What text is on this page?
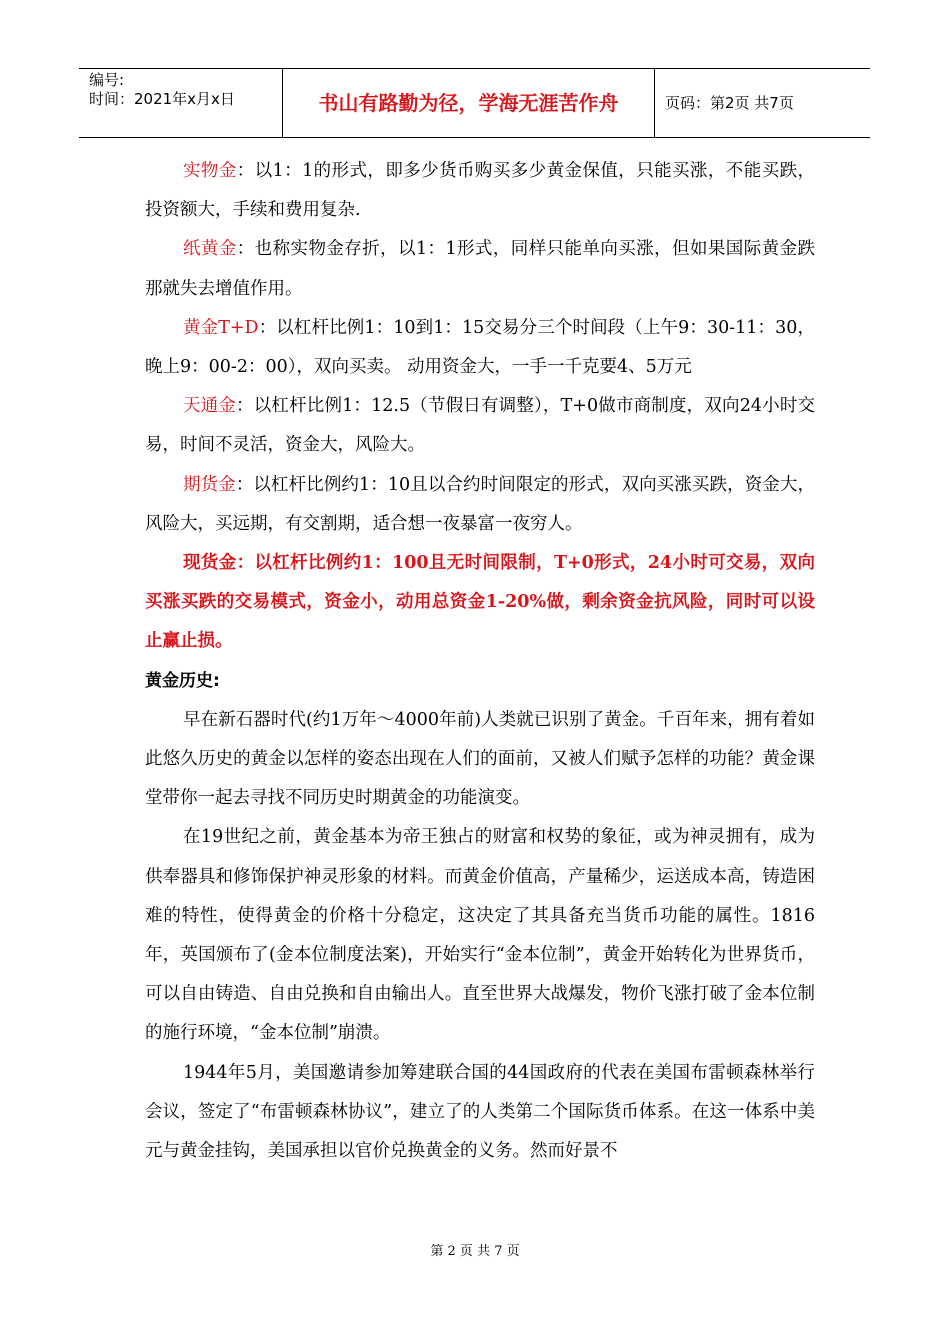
编号:
时间：2021年x月x日	书山有路勤为径，学海无涯苦作舟	页码：第2页 共7页

实物金：以1：1的形式，即多少货币购买多少黄金保值，只能买涨，不能买跌，投资额大，手续和费用复杂.

纸黄金：也称实物金存折，以1：1形式，同样只能单向买涨，但如果国际黄金跌那就失去增值作用。

黄金T+D：以杠杆比例1：10到1：15交易分三个时间段（上午9：30-11：30，晚上9：00-2：00），双向买卖。 动用资金大，一手一千克要4、5万元

天通金：以杠杆比例1：12.5（节假日有调整），T+0做市商制度，双向24小时交易，时间不灵活，资金大，风险大。

期货金：以杠杆比例约1：10且以合约时间限定的形式，双向买涨买跌，资金大，风险大，买远期，有交割期，适合想一夜暴富一夜穷人。

现货金：以杠杆比例约1：100且无时间限制，T+0形式，24小时可交易，双向买涨买跌的交易模式，资金小，动用总资金1-20%做，剩余资金抗风险，同时可以设止赢止损。

黄金历史:

早在新石器时代(约1万年～4000年前)人类就已识别了黄金。千百年来，拥有着如此悠久历史的黄金以怎样的姿态出现在人们的面前，又被人们赋予怎样的功能？黄金课堂带你一起去寻找不同历史时期黄金的功能演变。

在19世纪之前，黄金基本为帝王独占的财富和权势的象征，或为神灵拥有，成为供奉器具和修饰保护神灵形象的材料。而黄金价值高，产量稀少，运送成本高，铸造困难的特性，使得黄金的价格十分稳定，这决定了其具备充当货币功能的属性。1816年，英国颁布了(金本位制度法案)，开始实行“金本位制”，黄金开始转化为世界货币，可以自由铸造、自由兑换和自由输出人。直至世界大战爆发，物价飞涨打破了金本位制的施行环境，“金本位制”崩溃。

1944年5月，美国邀请参加筹建联合国的44国政府的代表在美国布雷顿森林举行会议，签定了“布雷顿森林协议”，建立了的人类第二个国际货币体系。在这一体系中美元与黄金挂钩，美国承担以官价兑换黄金的义务。然而好景不

第 2 页 共 7 页
